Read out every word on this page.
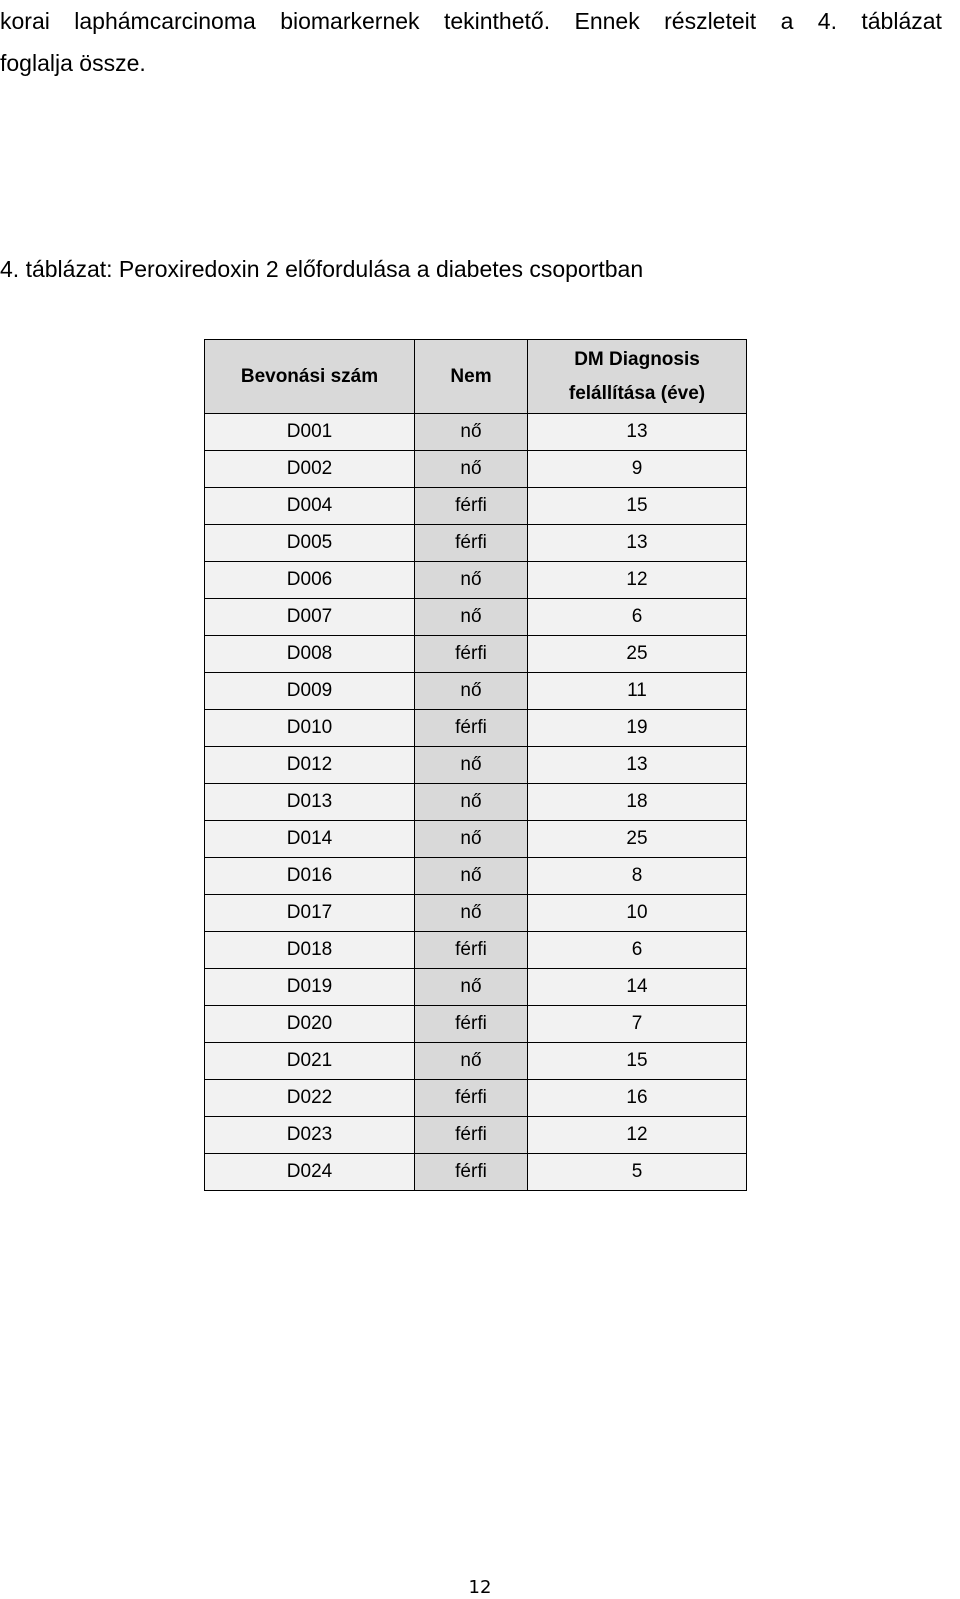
korai laphámcarcinoma biomarkernek tekinthető. Ennek részleteit a 4. táblázat
foglalja össze.
4. táblázat: Peroxiredoxin 2 előfordulása a diabetes csoportban
Bevonási szám	Nem	DM Diagnosis
felállítása (éve)

D001	nő	13
D002	nő	9
D004	férfi	15
D005	férfi	13
D006	nő	12
D007	nő	6
D008	férfi	25
D009	nő	11
D010	férfi	19
D012	nő	13
D013	nő	18
D014	nő	25
D016	nő	8
D017	nő	10
D018	férfi	6
D019	nő	14
D020	férfi	7
D021	nő	15
D022	férfi	16
D023	férfi	12
D024	férfi	5
12
